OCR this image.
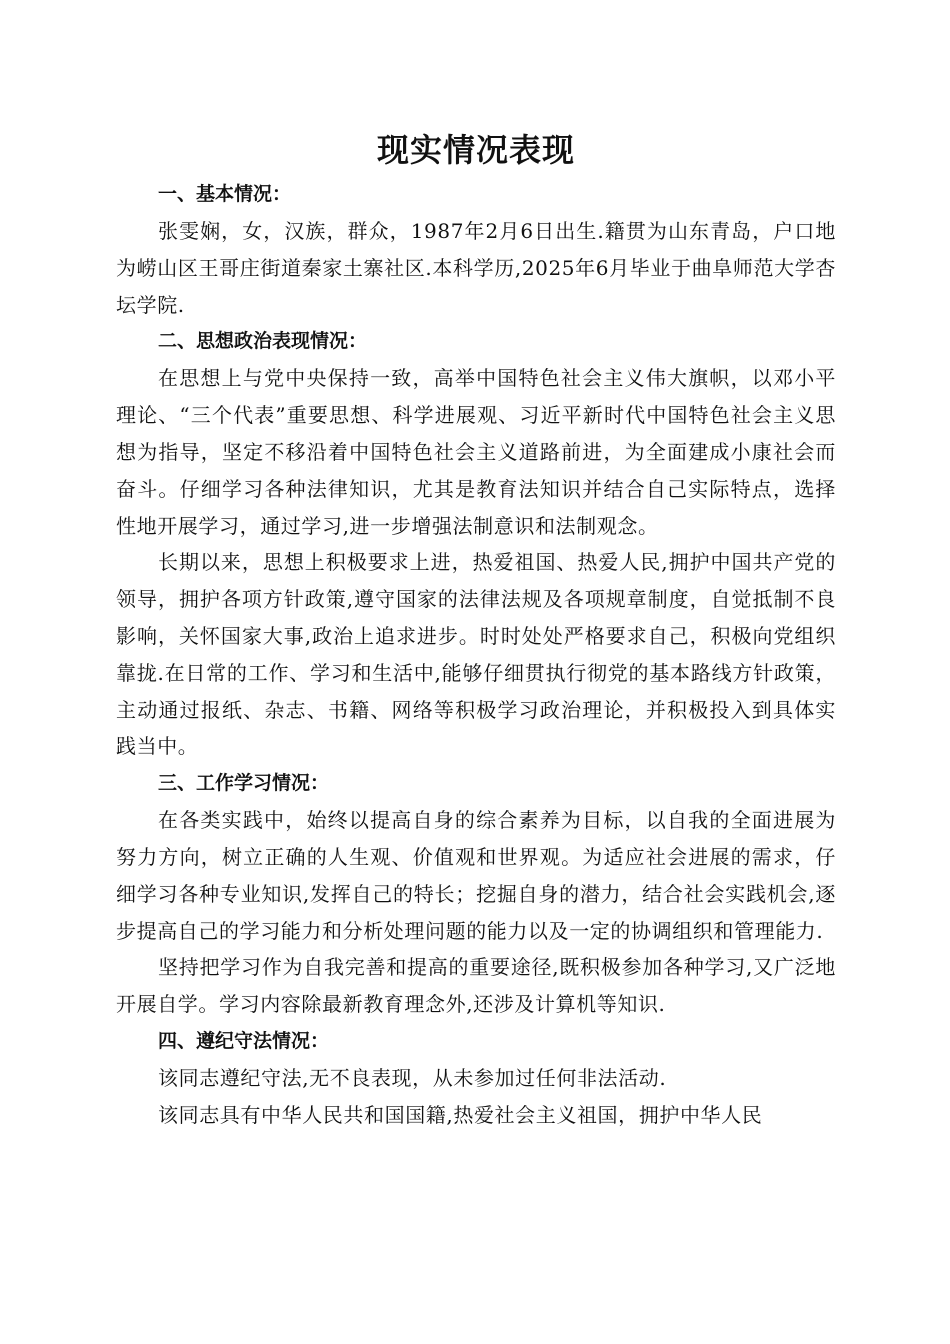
现实情况表现

一、基本情况：

张雯娴，女，汉族，群众，1987年2月6日出生.籍贯为山东青岛，户口地为崂山区王哥庄街道秦家土寨社区.本科学历,2025年6月毕业于曲阜师范大学杏坛学院.

二、思想政治表现情况：

在思想上与党中央保持一致，高举中国特色社会主义伟大旗帜，以邓小平理论、“三个代表”重要思想、科学进展观、习近平新时代中国特色社会主义思想为指导，坚定不移沿着中国特色社会主义道路前进，为全面建成小康社会而奋斗。仔细学习各种法律知识，尤其是教育法知识并结合自己实际特点，选择性地开展学习，通过学习,进一步增强法制意识和法制观念。

长期以来，思想上积极要求上进，热爱祖国、热爱人民,拥护中国共产党的领导，拥护各项方针政策,遵守国家的法律法规及各项规章制度，自觉抵制不良影响，关怀国家大事,政治上追求进步。时时处处严格要求自己，积极向党组织靠拢.在日常的工作、学习和生活中,能够仔细贯执行彻党的基本路线方针政策，主动通过报纸、杂志、书籍、网络等积极学习政治理论，并积极投入到具体实践当中。

三、工作学习情况：

在各类实践中，始终以提高自身的综合素养为目标，以自我的全面进展为努力方向，树立正确的人生观、价值观和世界观。为适应社会进展的需求，仔细学习各种专业知识,发挥自己的特长；挖掘自身的潜力，结合社会实践机会,逐步提高自己的学习能力和分析处理问题的能力以及一定的协调组织和管理能力.

坚持把学习作为自我完善和提高的重要途径,既积极参加各种学习,又广泛地开展自学。学习内容除最新教育理念外,还涉及计算机等知识.

四、遵纪守法情况：

该同志遵纪守法,无不良表现，从未参加过任何非法活动.

该同志具有中华人民共和国国籍,热爱社会主义祖国，拥护中华人民
